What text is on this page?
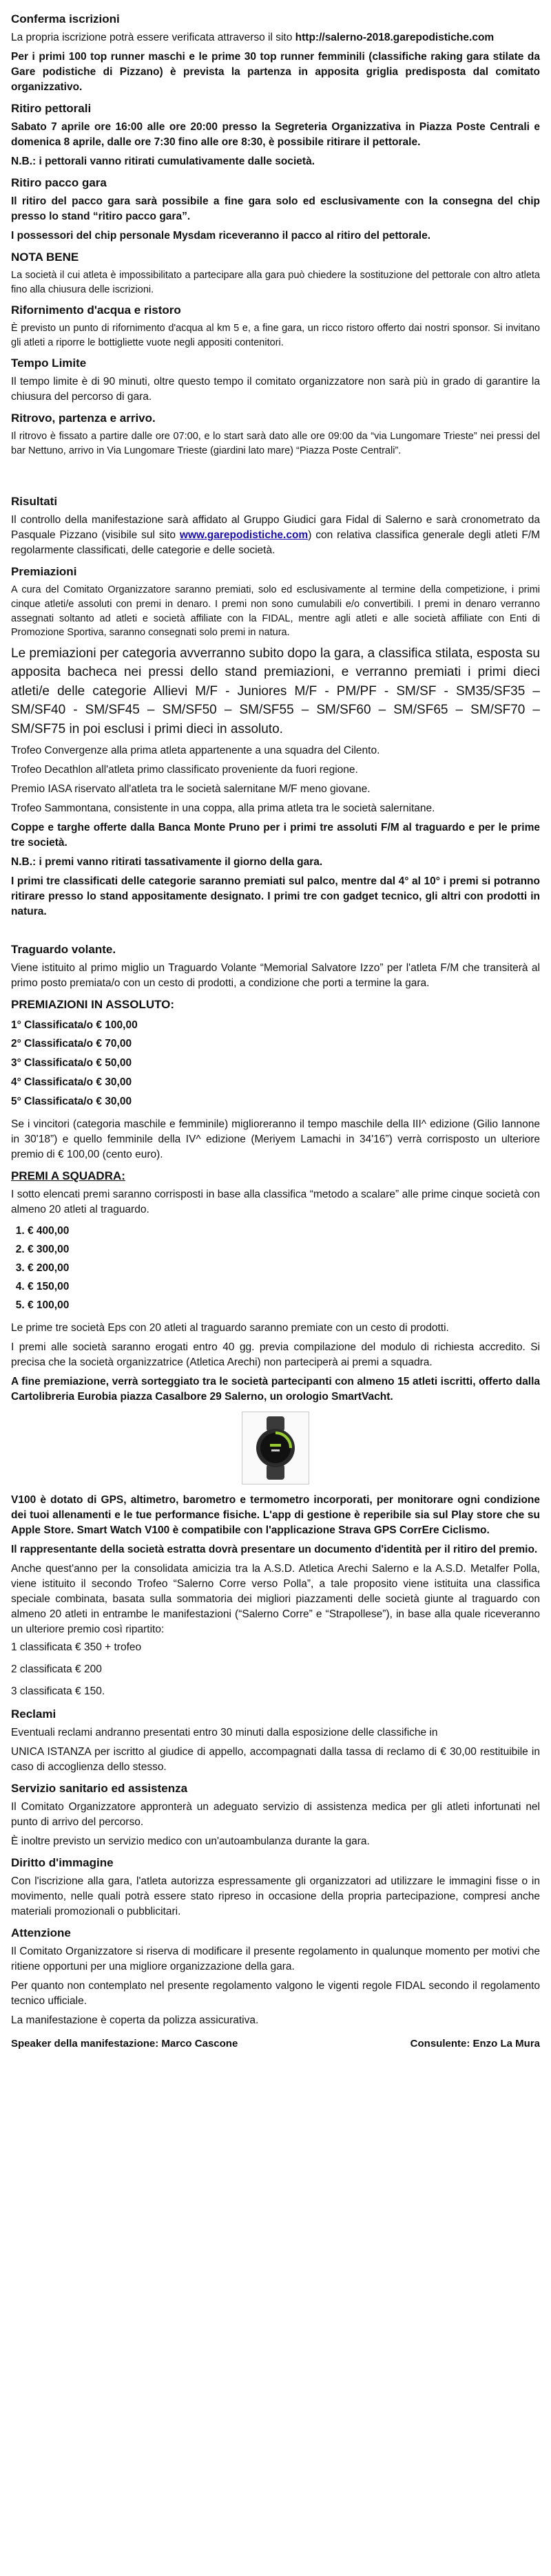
Conferma iscrizioni

La propria iscrizione potrà essere verificata attraverso il sito http://salerno-2018.garepodistiche.com

Per i primi 100 top runner maschi e le prime 30 top runner femminili (classifiche raking gara stilate da Gare podistiche di Pizzano) è prevista la partenza in apposita griglia predisposta dal comitato organizzativo.

Ritiro pettorali

Sabato 7 aprile ore 16:00 alle ore 20:00 presso la Segreteria Organizzativa in Piazza Poste Centrali e domenica 8 aprile, dalle ore 7:30 fino alle ore 8:30, è possibile ritirare il pettorale.

N.B.: i pettorali vanno ritirati cumulativamente dalle società.

Ritiro pacco gara

Il ritiro del pacco gara sarà possibile a fine gara solo ed esclusivamente con la consegna del chip presso lo stand “ritiro pacco gara”.

I possessori del chip personale Mysdam riceveranno il pacco al ritiro del pettorale.

NOTA BENE

La società il cui atleta è impossibilitato a partecipare alla gara può chiedere la sostituzione del pettorale con altro atleta fino alla chiusura delle iscrizioni.

Rifornimento d'acqua e ristoro

È previsto un punto di rifornimento d'acqua al km 5 e, a fine gara, un ricco ristoro offerto dai nostri sponsor. Si invitano gli atleti a riporre le bottigliette vuote negli appositi contenitori.

Tempo Limite

Il tempo limite è di 90 minuti, oltre questo tempo il comitato organizzatore non sarà più in grado di garantire la chiusura del percorso di gara.

Ritrovo, partenza e arrivo.

Il ritrovo è fissato a partire dalle ore 07:00, e lo start sarà dato alle ore 09:00 da “via Lungomare Trieste” nei pressi del bar Nettuno, arrivo in Via Lungomare Trieste (giardini lato mare) “Piazza Poste Centrali”.

Risultati

Il controllo della manifestazione sarà affidato al Gruppo Giudici gara Fidal di Salerno e sarà cronometrato da Pasquale Pizzano (visibile sul sito www.garepodistiche.com) con relativa classifica generale degli atleti F/M regolarmente classificati, delle categorie e delle società.

Premiazioni

A cura del Comitato Organizzatore saranno premiati, solo ed esclusivamente al termine della competizione, i primi cinque atleti/e assoluti con premi in denaro. I premi non sono cumulabili e/o convertibili. I premi in denaro verranno assegnati soltanto ad atleti e società affiliate con la FIDAL, mentre agli atleti e alle società affiliate con Enti di Promozione Sportiva, saranno consegnati solo premi in natura.

Le premiazioni per categoria avverranno subito dopo la gara, a classifica stilata, esposta su apposita bacheca nei pressi dello stand premiazioni, e verranno premiati i primi dieci atleti/e delle categorie Allievi M/F - Juniores M/F - PM/PF - SM/SF - SM35/SF35 – SM/SF40 - SM/SF45 – SM/SF50 – SM/SF55 – SM/SF60 – SM/SF65 – SM/SF70 – SM/SF75 in poi esclusi i primi dieci in assoluto.

Trofeo Convergenze alla prima atleta appartenente a una squadra del Cilento.

Trofeo Decathlon all'atleta primo classificato proveniente da fuori regione.

Premio IASA riservato all'atleta tra le società salernitane M/F meno giovane.

Trofeo Sammontana, consistente in una coppa, alla prima atleta tra le società salernitane.

Coppe e targhe offerte dalla Banca Monte Pruno per i primi tre assoluti F/M al traguardo e per le prime tre società.

N.B.: i premi vanno ritirati tassativamente il giorno della gara.

I primi tre classificati delle categorie saranno premiati sul palco, mentre dal 4° al 10° i premi si potranno ritirare presso lo stand appositamente designato. I primi tre con gadget tecnico, gli altri con prodotti in natura.

Traguardo volante.

Viene istituito al primo miglio un Traguardo Volante “Memorial Salvatore Izzo” per l'atleta F/M che transiterà al primo posto premiata/o con un cesto di prodotti, a condizione che porti a termine la gara.

PREMIAZIONI IN ASSOLUTO:
1° Classificata/o € 100,00
2° Classificata/o € 70,00
3° Classificata/o € 50,00
4° Classificata/o € 30,00
5° Classificata/o € 30,00

Se i vincitori (categoria maschile e femminile) miglioreranno il tempo maschile della III^ edizione (Gilio Iannone in 30'18”) e quello femminile della IV^ edizione (Meriyem Lamachi in 34'16”) verrà corrisposto un ulteriore premio di € 100,00 (cento euro).

PREMI A SQUADRA:

I sotto elencati premi saranno corrisposti in base alla classifica “metodo a scalare” alle prime cinque società con almeno 20 atleti al traguardo.

1. € 400,00
2. € 300,00
3. € 200,00
4. € 150,00
5. € 100,00

Le prime tre società Eps con 20 atleti al traguardo saranno premiate con un cesto di prodotti.

I premi alle società saranno erogati entro 40 gg. previa compilazione del modulo di richiesta accredito. Si precisa che la società organizzatrice (Atletica Arechi) non parteciperà ai premi a squadra.

A fine premiazione, verrà sorteggiato tra le società partecipanti con almeno 15 atleti iscritti, offerto dalla Cartolibreria Eurobia piazza Casalbore 29 Salerno, un orologio SmartVacht.

V100 è dotato di GPS, altimetro, barometro e termometro incorporati, per monitorare ogni condizione dei tuoi allenamenti e le tue performance fisiche. L'app di gestione è reperibile sia sul Play store che su Apple Store. Smart Watch V100 è compatibile con l'applicazione Strava GPS CorrEre Ciclismo.

Il rappresentante della società estratta dovrà presentare un documento d'identità per il ritiro del premio.

Anche quest'anno per la consolidata amicizia tra la A.S.D. Atletica Arechi Salerno e la A.S.D. Metalfer Polla, viene istituito il secondo Trofeo “Salerno Corre verso Polla”, a tale proposito viene istituita una classifica speciale combinata, basata sulla sommatoria dei migliori piazzamenti delle società giunte al traguardo con almeno 20 atleti in entrambe le manifestazioni (“Salerno Corre” e “Strapollese”), in base alla quale riceveranno un ulteriore premio così ripartito:

1 classificata € 350 + trofeo

2 classificata € 200

3 classificata € 150.

Reclami

Eventuali reclami andranno presentati entro 30 minuti dalla esposizione delle classifiche in

UNICA ISTANZA per iscritto al giudice di appello, accompagnati dalla tassa di reclamo di € 30,00 restituibile in caso di accoglienza dello stesso.

Servizio sanitario ed assistenza

Il Comitato Organizzatore appronterà un adeguato servizio di assistenza medica per gli atleti infortunati nel punto di arrivo del percorso.

È inoltre previsto un servizio medico con un'autoambulanza durante la gara.

Diritto d'immagine

Con l'iscrizione alla gara, l'atleta autorizza espressamente gli organizzatori ad utilizzare le immagini fisse o in movimento, nelle quali potrà essere stato ripreso in occasione della propria partecipazione, compresi anche materiali promozionali o pubblicitari.

Attenzione

Il Comitato Organizzatore si riserva di modificare il presente regolamento in qualunque momento per motivi che ritiene opportuni per una migliore organizzazione della gara.

Per quanto non contemplato nel presente regolamento valgono le vigenti regole FIDAL secondo il regolamento tecnico ufficiale.

La manifestazione è coperta da polizza assicurativa.

Speaker della manifestazione: Marco Cascone	Consulente: Enzo La Mura
